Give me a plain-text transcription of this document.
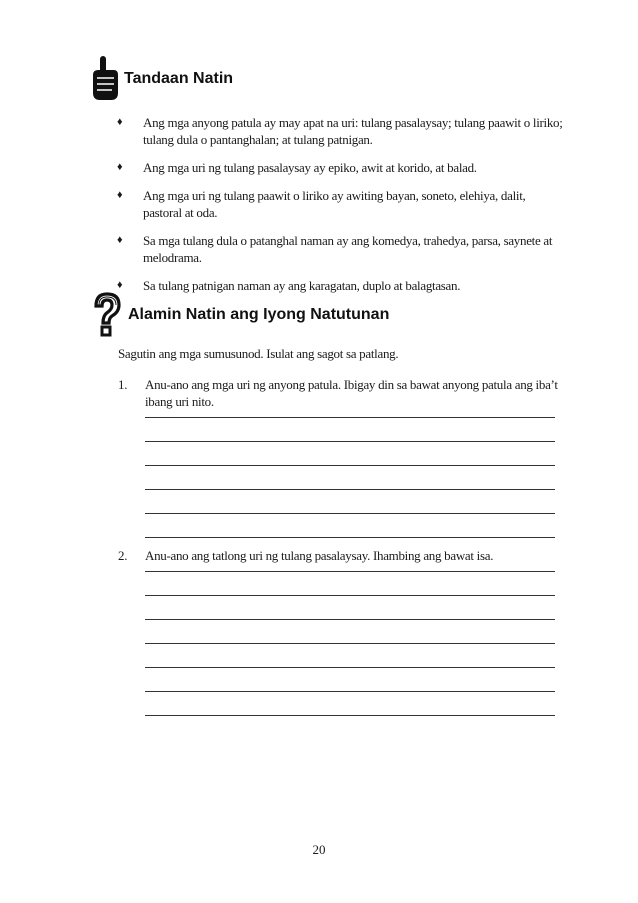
Tandaan Natin
♦ Ang mga anyong patula ay may apat na uri: tulang pasalaysay; tulang paawit o liriko; tulang dula o pantanghalan; at tulang patnigan.
♦ Ang mga uri ng tulang pasalaysay ay epiko, awit at korido, at balad.
♦ Ang mga uri ng tulang paawit o liriko ay awiting bayan, soneto, elehiya, dalit, pastoral at oda.
♦ Sa mga tulang dula o patanghal naman ay ang komedya, trahedya, parsa, saynete at melodrama.
♦ Sa tulang patnigan naman ay ang karagatan, duplo at balagtasan.
Alamin Natin ang Iyong Natutunan
Sagutin ang mga sumusunod. Isulat ang sagot sa patlang.
1. Anu-ano ang mga uri ng anyong patula. Ibigay din sa bawat anyong patula ang iba’t ibang uri nito.
2. Anu-ano ang tatlong uri ng tulang pasalaysay. Ihambing ang bawat isa.
20
